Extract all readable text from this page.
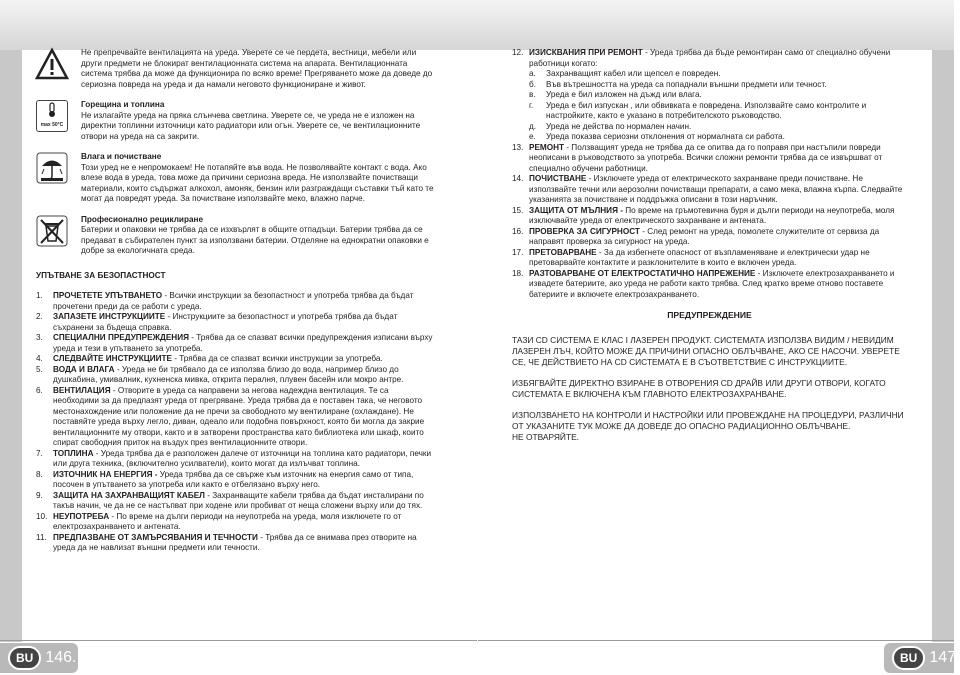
Не препречвайте вентилацията на уреда. Уверете се че пердета, вестници, мебели или други предмети не блокират вентилационната система на апарата. Вентилационната система трябва да може да функционира по всяко време! Прегряването може да доведе до сериозна повреда на уреда и да намали неговото функциониране и живот.
max 50°C
Горещина и топлина
Не излагайте уреда на пряка слънчева светлина. Уверете се, че уреда не е изложен на директни топлинни източници като радиатори или огън. Уверете се, че вентилационните отвори на уреда на са закрити.
Влага и почистване
Този уред не е непромокаем! Не потапяйте във вода. Не позволявайте контакт с вода. Ако влезе вода в уреда, това може да причини сериозна вреда. Не използвайте почистващи материали, които съдържат алкохол, амоняк, бензин или разграждащи съставки тъй като те могат да повредят уреда. За почистване използвайте меко, влажно парче.
Професионално рециклиране
Батерии и опаковки не трябва да се изхвърлят в общите отпадъци. Батерии трябва да се предават в събирателен пункт за използвани батерии. Отделяне на еднократни опаковки е добре за екологичната среда.
УПЪТВАНЕ ЗА БЕЗОПАСТНОСТ
1.	ПРОЧЕТЕТЕ УПЪТВАНЕТО - Всички инструкции за безопастност и употреба трябва да бъдат прочетени преди да се работи с уреда.
2.	ЗАПАЗЕТЕ ИНСТРУКЦИИТЕ - Инструкциите за безопастност и употреба трябва да бъдат съхранени за бъдеща справка.
3.	СПЕЦИАЛНИ ПРЕДУПРЕЖДЕНИЯ - Трябва да се спазват всички предупреждения изписани върху уреда и тези в упътването за употреба.
4.	СЛЕДВАЙТЕ ИНСТРУКЦИИТЕ - Трябва да се спазват всички инструкции за употреба.
5.	ВОДА И ВЛАГА - Уреда не би трябвало да се използва близо до вода, например близо до душкабина, умивалник, кухненска мивка, открита пералня, плувен басейн или мокро антре.
6.	ВЕНТИЛАЦИЯ - Отворите в уреда са направени за негова надеждна вентилация. Те са необходими за да предпазят уреда от прегряване. Уреда трябва да е поставен така, че неговото местонахождение или положение да не пречи за свободното му вентилиране (охлаждане). Не поставяйте уреда върху легло, диван, одеало или подобна повърхност, която би могла да закрие вентилационните му отвори, както и в затворени пространства като библиотека или шкаф, които спират свободния приток на въздух през вентилационните отвори.
7.	ТОПЛИНА - Уреда трябва да е разположен далече от източници на топлина като радиатори, печки или друга техника, (включително усилватели), които могат да излъчват топлина.
8.	ИЗТОЧНИК НА ЕНЕРГИЯ - Уреда трябва да се свърже към източник на енергия само от типа, посочен в упътването за употреба или както е отбелязано върху него.
9.	ЗАЩИТА НА ЗАХРАНВАЩИЯТ КАБЕЛ - Захранващите кабели трябва да бъдат инсталирани по такъв начин, че да не се настъпват при ходене или пробиват от неща сложени върху или до тях.
10. НЕУПОТРЕБА - По време на дълги периоди на неупотреба на уреда, моля изключете го от електрозахранването и антената.
11. ПРЕДПАЗВАНЕ ОТ ЗАМЪРСЯВАНИЯ И ТЕЧНОСТИ - Трябва да се внимава през отворите на уреда да не навлизат външни предмети или течности.
12. ИЗИСКВАНИЯ ПРИ РЕМОНТ - Уреда трябва да бъде ремонтиран само от специално обучени работници когато:
а.	Захранващият кабел или щепсел е повреден.
б.	Във вътрешността на уреда са попаднали външни предмети или течност.
в.	Уреда е бил изложен на дъжд или влага.
г.	Уреда е бил изпускан , или обвивката е повредена. Използвайте само контролите и настройките, както е указано в потребителското ръководство.
д.	Уреда не действа по нормален начин.
е.	Уреда показва сериозни отклонения от нормалната си работа.
13. РЕМОНТ - Ползващият уреда не трябва да се опитва да го поправя при настъпили повреди неописани в ръководството за употреба. Всички сложни ремонти трябва да се извършват от специално обучени работници.
14. ПОЧИСТВАНЕ - Изключете уреда от електрическото захранване преди почистване. Не използвайте течни или аерозолни почистващи препарати, а само мека, влажна кърпа. Следвайте указанията за почистване и поддръжка описани в този наръчник.
15. ЗАЩИТА ОТ МЪЛНИЯ - По време на гръмотевична буря и дълги периоди на неупотреба, моля изключвайте уреда от електрическото захранване и антената.
16. ПРОВЕРКА ЗА СИГУРНОСТ - След ремонт на уреда, помолете служителите от сервиза да направят проверка за сигурност на уреда.
17. ПРЕТОВАРВАНЕ - За да избегнете опасност от възпламеняване и електрически удар не претоварвайте контактите и разклонителите в които е включен уреда.
18. РАЗТОВАРВАНЕ ОТ ЕЛЕКТРОСТАТИЧНО НАПРЕЖЕНИЕ - Изключете електрозахранването и извадете батериите, ако уреда не работи както трябва. След кратко време отново поставете батериите и включете електрозахранването.
ПРЕДУПРЕЖДЕНИЕ
ТАЗИ CD СИСТЕМА Е КЛАС I ЛАЗЕРЕН ПРОДУКТ. СИСТЕМАТА ИЗПОЛЗВА ВИДИМ / НЕВИДИМ ЛАЗЕРЕН ЛЪЧ, КОЙТО МОЖЕ ДА ПРИЧИНИ ОПАСНО ОБЛЪЧВАНЕ, АКО СЕ НАСОЧИ. УВЕРЕТЕ СЕ, ЧЕ ДЕЙСТВИЕТО НА CD СИСТЕМАТА Е В СЪОТВЕТСТВИЕ С ИНСТРУКЦИИТЕ.
ИЗБЯГВАЙТЕ ДИРЕКТНО ВЗИРАНЕ В ОТВОРЕНИЯ CD ДРАЙВ ИЛИ ДРУГИ ОТВОРИ, КОГАТО СИСТЕМАТА Е ВКЛЮЧЕНА КЪМ ГЛАВНОТО ЕЛЕКТРОЗАХРАНВАНЕ.
ИЗПОЛЗВАНЕТО НА КОНТРОЛИ И НАСТРОЙКИ ИЛИ ПРОВЕЖДАНЕ НА ПРОЦЕДУРИ, РАЗЛИЧНИ ОТ УКАЗАНИТЕ ТУК МОЖЕ ДА ДОВЕДЕ ДО ОПАСНО РАДИАЦИОННО ОБЛЪЧВАНЕ.
НЕ ОТВАРЯЙТЕ.
BU 146.	BU 147.
